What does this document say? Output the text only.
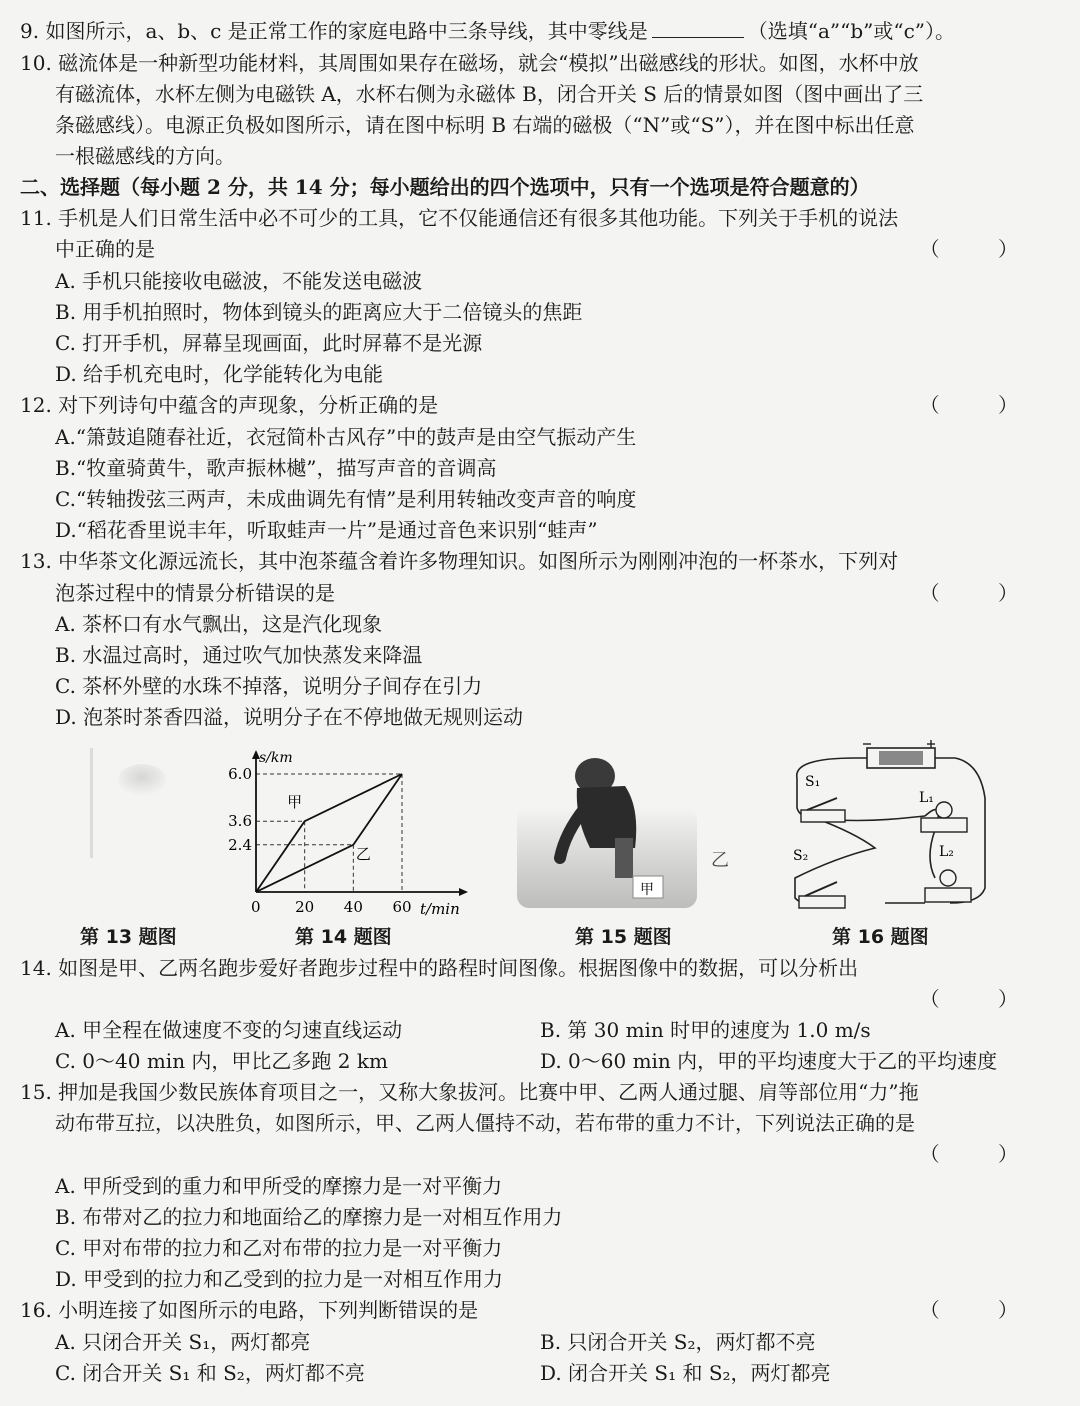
9. 如图所示，a、b、c 是正常工作的家庭电路中三条导线，其中零线是	（选填“a”“b”或“c”）。
10. 磁流体是一种新型功能材料，其周围如果存在磁场，就会“模拟”出磁感线的形状。如图，水杯中放
有磁流体，水杯左侧为电磁铁 A，水杯右侧为永磁体 B，闭合开关 S 后的情景如图（图中画出了三
条磁感线）。电源正负极如图所示，请在图中标明 B 右端的磁极（“N”或“S”），并在图中标出任意
一根磁感线的方向。
二、选择题（每小题 2 分，共 14 分；每小题给出的四个选项中，只有一个选项是符合题意的）
11. 手机是人们日常生活中必不可少的工具，它不仅能通信还有很多其他功能。下列关于手机的说法
中正确的是	（ ）
A. 手机只能接收电磁波，不能发送电磁波
B. 用手机拍照时，物体到镜头的距离应大于二倍镜头的焦距
C. 打开手机，屏幕呈现画面，此时屏幕不是光源
D. 给手机充电时，化学能转化为电能
12. 对下列诗句中蕴含的声现象，分析正确的是	（ ）
A.“箫鼓追随春社近，衣冠简朴古风存”中的鼓声是由空气振动产生
B.“牧童骑黄牛，歌声振林樾”，描写声音的音调高
C.“转轴拨弦三两声，未成曲调先有情”是利用转轴改变声音的响度
D.“稻花香里说丰年，听取蛙声一片”是通过音色来识别“蛙声”
13. 中华茶文化源远流长，其中泡茶蕴含着许多物理知识。如图所示为刚刚冲泡的一杯茶水，下列对
泡茶过程中的情景分析错误的是	（ ）
A. 茶杯口有水气飘出，这是汽化现象
B. 水温过高时，通过吹气加快蒸发来降温
C. 茶杯外壁的水珠不掉落，说明分子间存在引力
D. 泡茶时茶香四溢，说明分子在不停地做无规则运动
甲
乙
20 40 60
2.4
3.6
6.0
s/km
t/min
0
甲
乙
S₁
S₂
L₁
L₂
第 13 题图	第 14 题图	第 15 题图	第 16 题图
14. 如图是甲、乙两名跑步爱好者跑步过程中的路程时间图像。根据图像中的数据，可以分析出
（ ）
A. 甲全程在做速度不变的匀速直线运动	B. 第 30 min 时甲的速度为 1.0 m/s
C. 0～40 min 内，甲比乙多跑 2 km	D. 0～60 min 内，甲的平均速度大于乙的平均速度
15. 押加是我国少数民族体育项目之一，又称大象拔河。比赛中甲、乙两人通过腿、肩等部位用“力”拖
动布带互拉，以决胜负，如图所示，甲、乙两人僵持不动，若布带的重力不计，下列说法正确的是
（ ）
A. 甲所受到的重力和甲所受的摩擦力是一对平衡力
B. 布带对乙的拉力和地面给乙的摩擦力是一对相互作用力
C. 甲对布带的拉力和乙对布带的拉力是一对平衡力
D. 甲受到的拉力和乙受到的拉力是一对相互作用力
16. 小明连接了如图所示的电路，下列判断错误的是	（ ）
A. 只闭合开关 S₁，两灯都亮	B. 只闭合开关 S₂，两灯都不亮
C. 闭合开关 S₁ 和 S₂，两灯都不亮	D. 闭合开关 S₁ 和 S₂，两灯都亮
